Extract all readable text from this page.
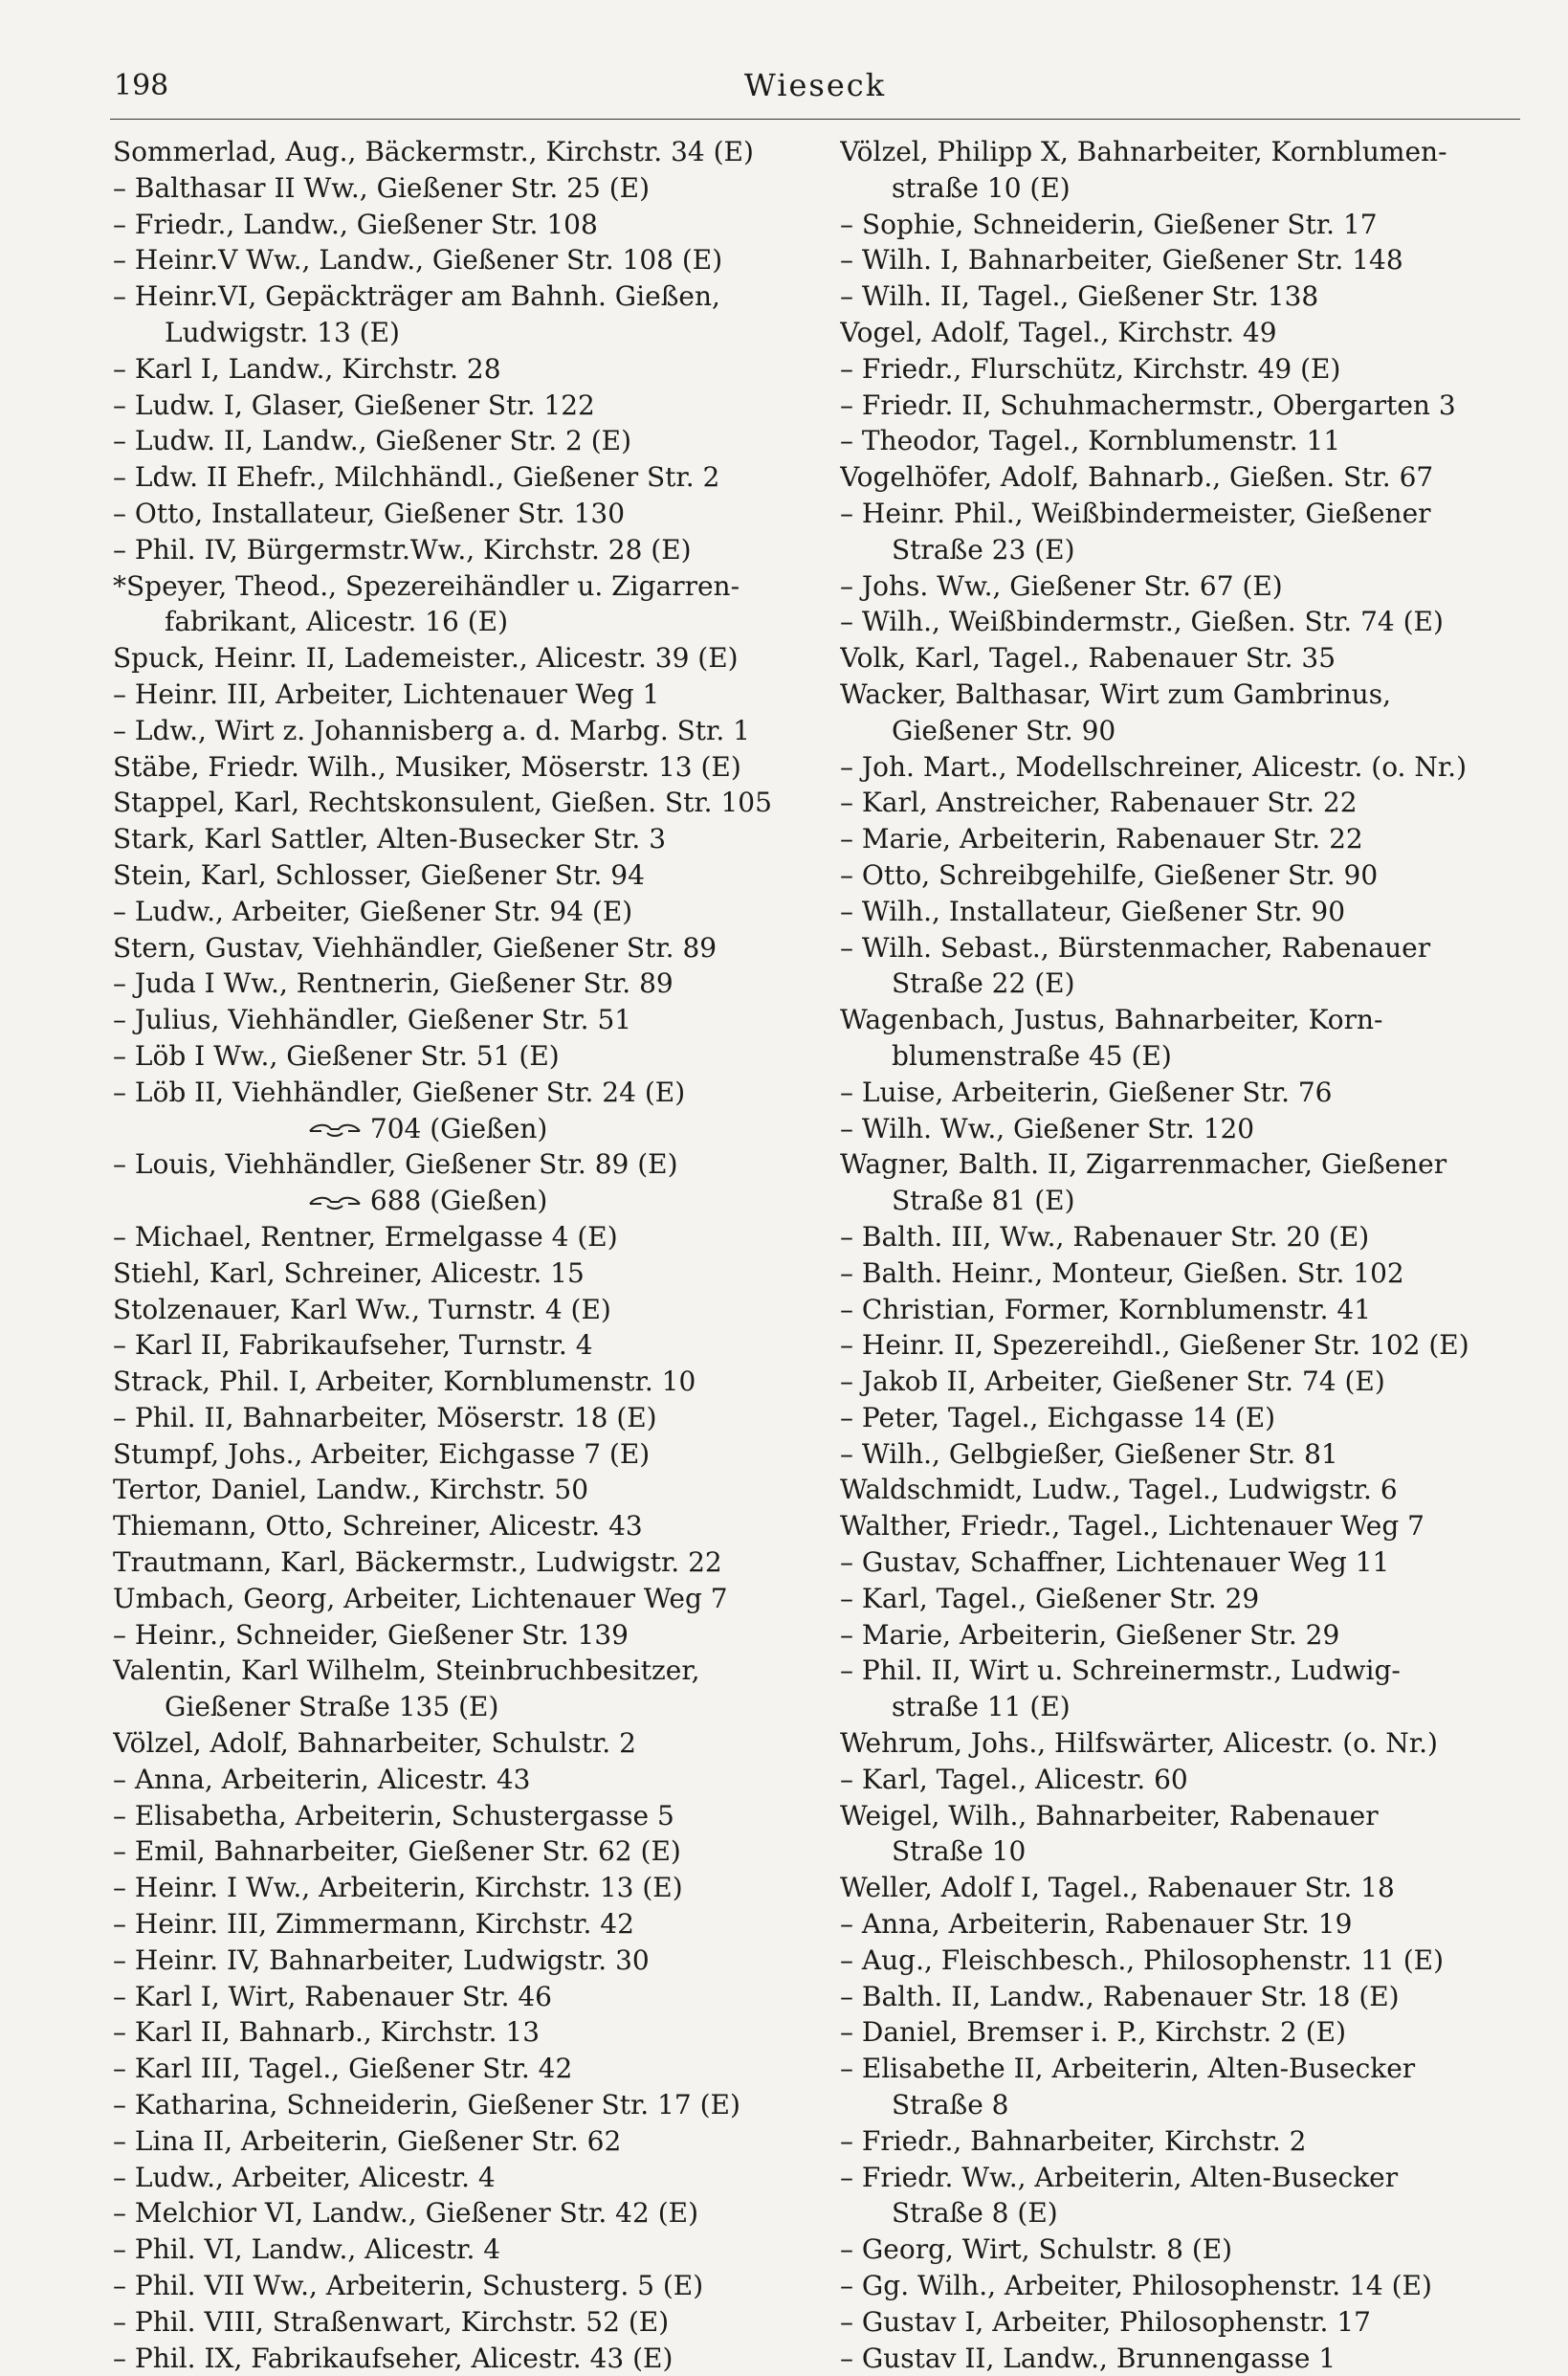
198	Wieseck
Sommerlad, Aug., Bäckermstr., Kirchstr. 34 (E)
– Balthasar II Ww., Gießener Str. 25 (E)
– Friedr., Landw., Gießener Str. 108
– Heinr.V Ww., Landw., Gießener Str. 108 (E)
– Heinr.VI, Gepäckträger am Bahnh. Gießen,
Ludwigstr. 13 (E)
– Karl I, Landw., Kirchstr. 28
– Ludw. I, Glaser, Gießener Str. 122
– Ludw. II, Landw., Gießener Str. 2 (E)
– Ldw. II Ehefr., Milchhändl., Gießener Str. 2
– Otto, Installateur, Gießener Str. 130
– Phil. IV, Bürgermstr.Ww., Kirchstr. 28 (E)
*Speyer, Theod., Spezereihändler u. Zigarren-
fabrikant, Alicestr. 16 (E)
Spuck, Heinr. II, Lademeister., Alicestr. 39 (E)
– Heinr. III, Arbeiter, Lichtenauer Weg 1
– Ldw., Wirt z. Johannisberg a. d. Marbg. Str. 1
Stäbe, Friedr. Wilh., Musiker, Möserstr. 13 (E)
Stappel, Karl, Rechtskonsulent, Gießen. Str. 105
Stark, Karl Sattler, Alten-Busecker Str. 3
Stein, Karl, Schlosser, Gießener Str. 94
– Ludw., Arbeiter, Gießener Str. 94 (E)
Stern, Gustav, Viehhändler, Gießener Str. 89
– Juda I Ww., Rentnerin, Gießener Str. 89
– Julius, Viehhändler, Gießener Str. 51
– Löb I Ww., Gießener Str. 51 (E)
– Löb II, Viehhändler, Gießener Str. 24 (E)
704 (Gießen)
– Louis, Viehhändler, Gießener Str. 89 (E)
688 (Gießen)
– Michael, Rentner, Ermelgasse 4 (E)
Stiehl, Karl, Schreiner, Alicestr. 15
Stolzenauer, Karl Ww., Turnstr. 4 (E)
– Karl II, Fabrikaufseher, Turnstr. 4
Strack, Phil. I, Arbeiter, Kornblumenstr. 10
– Phil. II, Bahnarbeiter, Möserstr. 18 (E)
Stumpf, Johs., Arbeiter, Eichgasse 7 (E)
Tertor, Daniel, Landw., Kirchstr. 50
Thiemann, Otto, Schreiner, Alicestr. 43
Trautmann, Karl, Bäckermstr., Ludwigstr. 22
Umbach, Georg, Arbeiter, Lichtenauer Weg 7
– Heinr., Schneider, Gießener Str. 139
Valentin, Karl Wilhelm, Steinbruchbesitzer,
Gießener Straße 135 (E)
Völzel, Adolf, Bahnarbeiter, Schulstr. 2
– Anna, Arbeiterin, Alicestr. 43
– Elisabetha, Arbeiterin, Schustergasse 5
– Emil, Bahnarbeiter, Gießener Str. 62 (E)
– Heinr. I Ww., Arbeiterin, Kirchstr. 13 (E)
– Heinr. III, Zimmermann, Kirchstr. 42
– Heinr. IV, Bahnarbeiter, Ludwigstr. 30
– Karl I, Wirt, Rabenauer Str. 46
– Karl II, Bahnarb., Kirchstr. 13
– Karl III, Tagel., Gießener Str. 42
– Katharina, Schneiderin, Gießener Str. 17 (E)
– Lina II, Arbeiterin, Gießener Str. 62
– Ludw., Arbeiter, Alicestr. 4
– Melchior VI, Landw., Gießener Str. 42 (E)
– Phil. VI, Landw., Alicestr. 4
– Phil. VII Ww., Arbeiterin, Schusterg. 5 (E)
– Phil. VIII, Straßenwart, Kirchstr. 52 (E)
– Phil. IX, Fabrikaufseher, Alicestr. 43 (E)
Völzel, Philipp X, Bahnarbeiter, Kornblumen-
straße 10 (E)
– Sophie, Schneiderin, Gießener Str. 17
– Wilh. I, Bahnarbeiter, Gießener Str. 148
– Wilh. II, Tagel., Gießener Str. 138
Vogel, Adolf, Tagel., Kirchstr. 49
– Friedr., Flurschütz, Kirchstr. 49 (E)
– Friedr. II, Schuhmachermstr., Obergarten 3
– Theodor, Tagel., Kornblumenstr. 11
Vogelhöfer, Adolf, Bahnarb., Gießen. Str. 67
– Heinr. Phil., Weißbindermeister, Gießener
Straße 23 (E)
– Johs. Ww., Gießener Str. 67 (E)
– Wilh., Weißbindermstr., Gießen. Str. 74 (E)
Volk, Karl, Tagel., Rabenauer Str. 35
Wacker, Balthasar, Wirt zum Gambrinus,
Gießener Str. 90
– Joh. Mart., Modellschreiner, Alicestr. (o. Nr.)
– Karl, Anstreicher, Rabenauer Str. 22
– Marie, Arbeiterin, Rabenauer Str. 22
– Otto, Schreibgehilfe, Gießener Str. 90
– Wilh., Installateur, Gießener Str. 90
– Wilh. Sebast., Bürstenmacher, Rabenauer
Straße 22 (E)
Wagenbach, Justus, Bahnarbeiter, Korn-
blumenstraße 45 (E)
– Luise, Arbeiterin, Gießener Str. 76
– Wilh. Ww., Gießener Str. 120
Wagner, Balth. II, Zigarrenmacher, Gießener
Straße 81 (E)
– Balth. III, Ww., Rabenauer Str. 20 (E)
– Balth. Heinr., Monteur, Gießen. Str. 102
– Christian, Former, Kornblumenstr. 41
– Heinr. II, Spezereihdl., Gießener Str. 102 (E)
– Jakob II, Arbeiter, Gießener Str. 74 (E)
– Peter, Tagel., Eichgasse 14 (E)
– Wilh., Gelbgießer, Gießener Str. 81
Waldschmidt, Ludw., Tagel., Ludwigstr. 6
Walther, Friedr., Tagel., Lichtenauer Weg 7
– Gustav, Schaffner, Lichtenauer Weg 11
– Karl, Tagel., Gießener Str. 29
– Marie, Arbeiterin, Gießener Str. 29
– Phil. II, Wirt u. Schreinermstr., Ludwig-
straße 11 (E)
Wehrum, Johs., Hilfswärter, Alicestr. (o. Nr.)
– Karl, Tagel., Alicestr. 60
Weigel, Wilh., Bahnarbeiter, Rabenauer
Straße 10
Weller, Adolf I, Tagel., Rabenauer Str. 18
– Anna, Arbeiterin, Rabenauer Str. 19
– Aug., Fleischbesch., Philosophenstr. 11 (E)
– Balth. II, Landw., Rabenauer Str. 18 (E)
– Daniel, Bremser i. P., Kirchstr. 2 (E)
– Elisabethe II, Arbeiterin, Alten-Busecker
Straße 8
– Friedr., Bahnarbeiter, Kirchstr. 2
– Friedr. Ww., Arbeiterin, Alten-Busecker
Straße 8 (E)
– Georg, Wirt, Schulstr. 8 (E)
– Gg. Wilh., Arbeiter, Philosophenstr. 14 (E)
– Gustav I, Arbeiter, Philosophenstr. 17
– Gustav II, Landw., Brunnengasse 1
